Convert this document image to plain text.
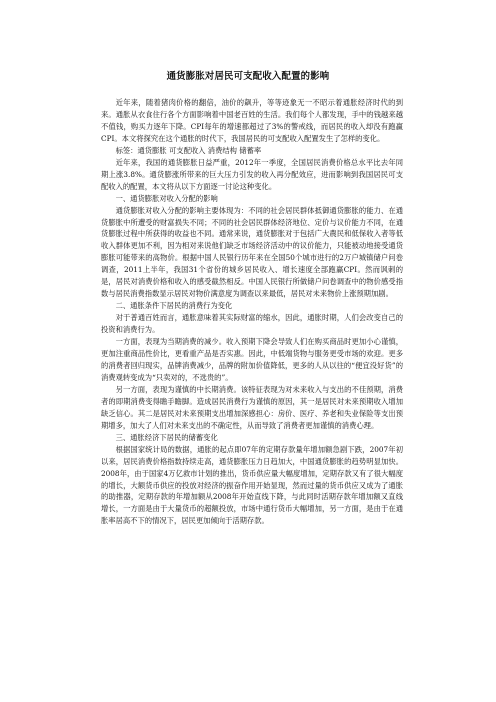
通货膨胀对居民可支配收入配置的影响

近年来，随着猪肉价格的翻倍，油价的飙升，等等迹象无一不昭示着通胀经济时代的到来。通胀从衣食住行各个方面影响着中国老百姓的生活。我们每个人都发现，手中的钱越来越不值钱，购买力逐年下降。CPI每年的增速都超过了3%的警戒线，而居民的收入却没有跑赢CPI。本文将探究在这个通胀的时代下，我国居民的可支配收入配置发生了怎样的变化。

标签：通货膨胀 可支配收入 消费结构 储蓄率

近年来，我国的通货膨胀日益严重，2012年一季度，全国居民消费价格总水平比去年同期上涨3.8%。通货膨涨所带来的巨大压力引发的收入再分配效应，进而影响到我国居民可支配收入的配置，本文将从以下方面逐一讨论这种变化。

一、通货膨胀对收入分配的影响

通货膨胀对收入分配的影响主要体现为：不同的社会居民群体抵御通货膨胀的能力、在通货膨胀中所遭受的财富损失不同；不同的社会居民群体经济地位、定价与议价能力不同，在通货膨胀过程中所获得的收益也不同。通常来说，通货膨胀对于包括广大農民和低保收入者等低收入群体更加不利，因为相对来说他们缺乏市场经济活动中的议价能力，只能被动地接受通货膨胀可能带来的高物价。根据中国人民银行历年来在全国50个城市进行的2万户城镇储户问卷调查，2011上半年，我国31个省份的城乡居民收入、增长速度全部跑赢CPI。然而讽刺的是，居民对消费价格和收入的感受截然相反。中国人民银行所做储户问卷调查中的物价感受指数与居民消费指数显示居民对物价满意度为调查以来最低，居民对未来物价上涨预期加剧。

二、通胀条件下居民的消费行为变化

对于普通百姓而言，通胀意味着其实际财富的缩水，因此，通胀时期，人们会改变自己的投资和消费行为。

一方面，表现为当期消费的减少。收入预期下降会导致人们在购买商品时更加小心谨慎，更加注重商品性价比，更看重产品是否实惠。因此，中低端货物与服务更受市场的欢迎。更多的消费者回归现实，品牌消费减少，品牌的附加价值降低，更多的人从以往的“便宜没好货”的消费观转变成为“只卖对的，不选贵的”。

另一方面，表现为谨慎的中长期消费。该特征表现为对未来收入与支出的不佳预期，消费者的即期消费变得瞻手瞻脚。造成居民消费行为谨慎的原因，其一是居民对未来预期收入增加缺乏信心。其二是居民对未来预期支出增加深感担心：房价、医疗、养老和失业保险等支出预期增多，加大了人们对未来支出的不确定性，从而导致了消费者更加谨慎的消费心理。

三、通胀经济下居民的储蓄变化

根据国家统计局的数据，通胀的起点即07年的定期存款量年增加额急剧下跌，2007年初以来，居民消费价格指数持续走高，通货膨胀压力日趋加大，中国通货膨胀的趋势明显加快。2008年，由于国家4万亿救市计划的推出，货币供应量大幅度增加，定期存款又有了很大幅度的增长，大额货币供应的投放对经济的振奋作用开始显现，然而过量的货币供应又成为了通胀的助推器，定期存款的年增加额从2008年开始直线下降，与此同时活期存款年增加额又直线增长，一方面是由于大量货币的超额投放，市场中通行货币大幅增加，另一方面，是由于在通胀率居高不下的情况下，居民更加倾向于活期存款。
